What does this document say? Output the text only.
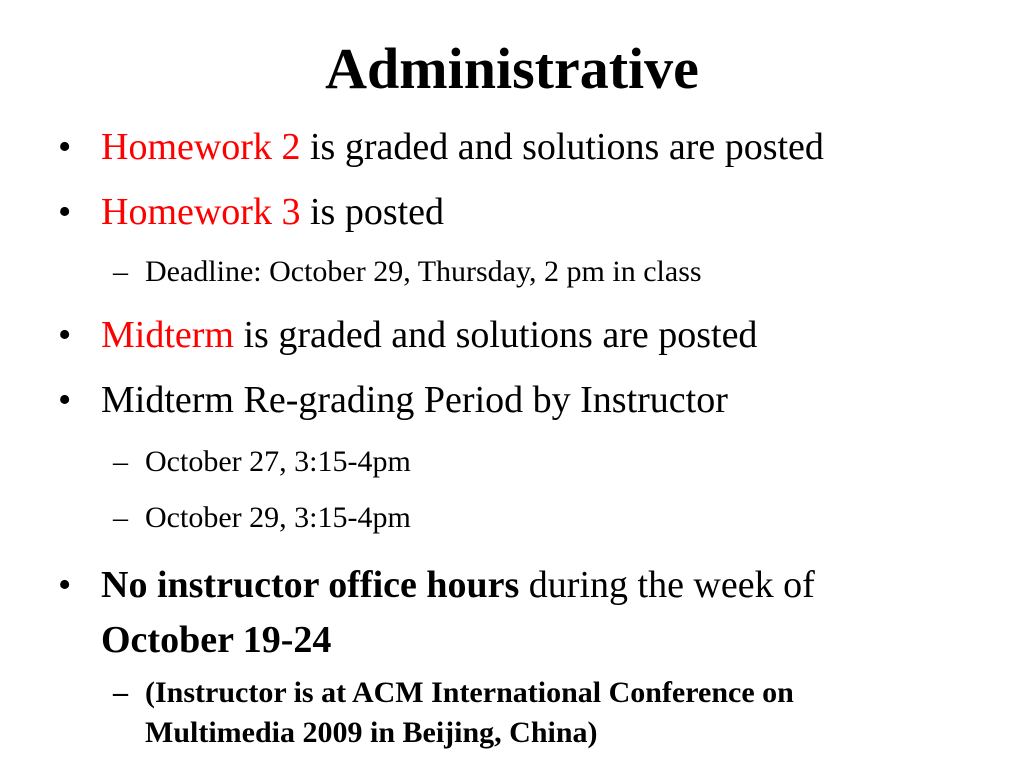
Administrative
• Homework 2 is graded and solutions are posted
• Homework 3 is posted
– Deadline: October 29, Thursday, 2 pm in class
• Midterm is graded and solutions are posted
• Midterm Re-grading Period by Instructor
– October 27, 3:15-4pm
– October 29, 3:15-4pm
• No instructor office hours during the week of
October 19-24
– (Instructor is at ACM International Conference on Multimedia 2009 in Beijing, China)
